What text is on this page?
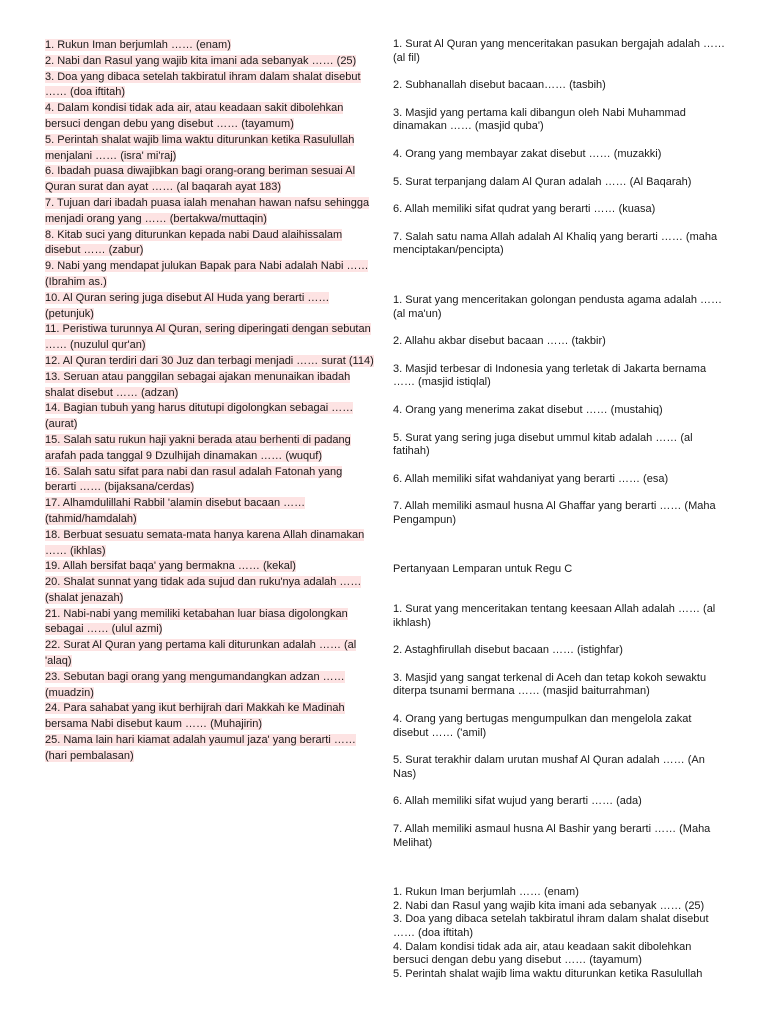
1. Rukun Iman berjumlah …… (enam)

2. Nabi dan Rasul yang wajib kita imani ada sebanyak …… (25)

3. Doa yang dibaca setelah takbiratul ihram dalam shalat disebut …… (doa iftitah)

4. Dalam kondisi tidak ada air, atau keadaan sakit dibolehkan bersuci dengan debu yang disebut …… (tayamum)

5. Perintah shalat wajib lima waktu diturunkan ketika Rasulullah menjalani …… (isra' mi'raj)

6. Ibadah puasa diwajibkan bagi orang-orang beriman sesuai Al Quran surat dan ayat …… (al baqarah ayat 183)

7. Tujuan dari ibadah puasa ialah menahan hawan nafsu sehingga menjadi orang yang …… (bertakwa/muttaqin)

8. Kitab suci yang diturunkan kepada nabi Daud alaihissalam disebut …… (zabur)

9. Nabi yang mendapat julukan Bapak para Nabi adalah Nabi …… (Ibrahim as.)

10. Al Quran sering juga disebut Al Huda yang berarti …… (petunjuk)

11. Peristiwa turunnya Al Quran, sering diperingati dengan sebutan …… (nuzulul qur'an)

12. Al Quran terdiri dari 30 Juz dan terbagi menjadi …… surat (114)

13. Seruan atau panggilan sebagai ajakan menunaikan ibadah shalat disebut …… (adzan)

14. Bagian tubuh yang harus ditutupi digolongkan sebagai …… (aurat)

15. Salah satu rukun haji yakni berada atau berhenti di padang arafah pada tanggal 9 Dzulhijah dinamakan …… (wuquf)

16. Salah satu sifat para nabi dan rasul adalah Fatonah yang berarti …… (bijaksana/cerdas)

17. Alhamdulillahi Rabbil 'alamin disebut bacaan …… (tahmid/hamdalah)

18. Berbuat sesuatu semata-mata hanya karena Allah dinamakan …… (ikhlas)

19. Allah bersifat baqa' yang bermakna …… (kekal)

20. Shalat sunnat yang tidak ada sujud dan ruku'nya adalah …… (shalat jenazah)

21. Nabi-nabi yang memiliki ketabahan luar biasa digolongkan sebagai …… (ulul azmi)

22. Surat Al Quran yang pertama kali diturunkan adalah …… (al 'alaq)

23. Sebutan bagi orang yang mengumandangkan adzan …… (muadzin)

24. Para sahabat yang ikut berhijrah dari Makkah ke Madinah bersama Nabi disebut kaum …… (Muhajirin)

25. Nama lain hari kiamat adalah yaumul jaza' yang berarti …… (hari pembalasan)

1. Surat Al Quran yang menceritakan pasukan bergajah adalah …… (al fil)

2. Subhanallah disebut bacaan…… (tasbih)

3. Masjid yang pertama kali dibangun oleh Nabi Muhammad dinamakan …… (masjid quba')

4. Orang yang membayar zakat disebut …… (muzakki)

5. Surat terpanjang dalam Al Quran adalah …… (Al Baqarah)

6. Allah memiliki sifat qudrat yang berarti …… (kuasa)

7. Salah satu nama Allah adalah Al Khaliq yang berarti …… (maha menciptakan/pencipta)

1. Surat yang menceritakan golongan pendusta agama adalah …… (al ma'un)

2. Allahu akbar disebut bacaan …… (takbir)

3. Masjid terbesar di Indonesia yang terletak di Jakarta bernama …… (masjid istiqlal)

4. Orang yang menerima zakat disebut …… (mustahiq)

5. Surat yang sering juga disebut ummul kitab adalah …… (al fatihah)

6. Allah memiliki sifat wahdaniyat yang berarti …… (esa)

7. Allah memiliki asmaul husna Al Ghaffar yang berarti …… (Maha Pengampun)

Pertanyaan Lemparan untuk Regu C

1. Surat yang menceritakan tentang keesaan Allah adalah …… (al ikhlash)

2. Astaghfirullah disebut bacaan …… (istighfar)

3. Masjid yang sangat terkenal di Aceh dan tetap kokoh sewaktu diterpa tsunami bermana …… (masjid baiturrahman)

4. Orang yang bertugas mengumpulkan dan mengelola zakat disebut …… ('amil)

5. Surat terakhir dalam urutan mushaf Al Quran adalah …… (An Nas)

6. Allah memiliki sifat wujud yang berarti …… (ada)

7. Allah memiliki asmaul husna Al Bashir yang berarti …… (Maha Melihat)

1. Rukun Iman berjumlah …… (enam)

2. Nabi dan Rasul yang wajib kita imani ada sebanyak …… (25)

3. Doa yang dibaca setelah takbiratul ihram dalam shalat disebut …… (doa iftitah)

4. Dalam kondisi tidak ada air, atau keadaan sakit dibolehkan bersuci dengan debu yang disebut …… (tayamum)

5. Perintah shalat wajib lima waktu diturunkan ketika Rasulullah
